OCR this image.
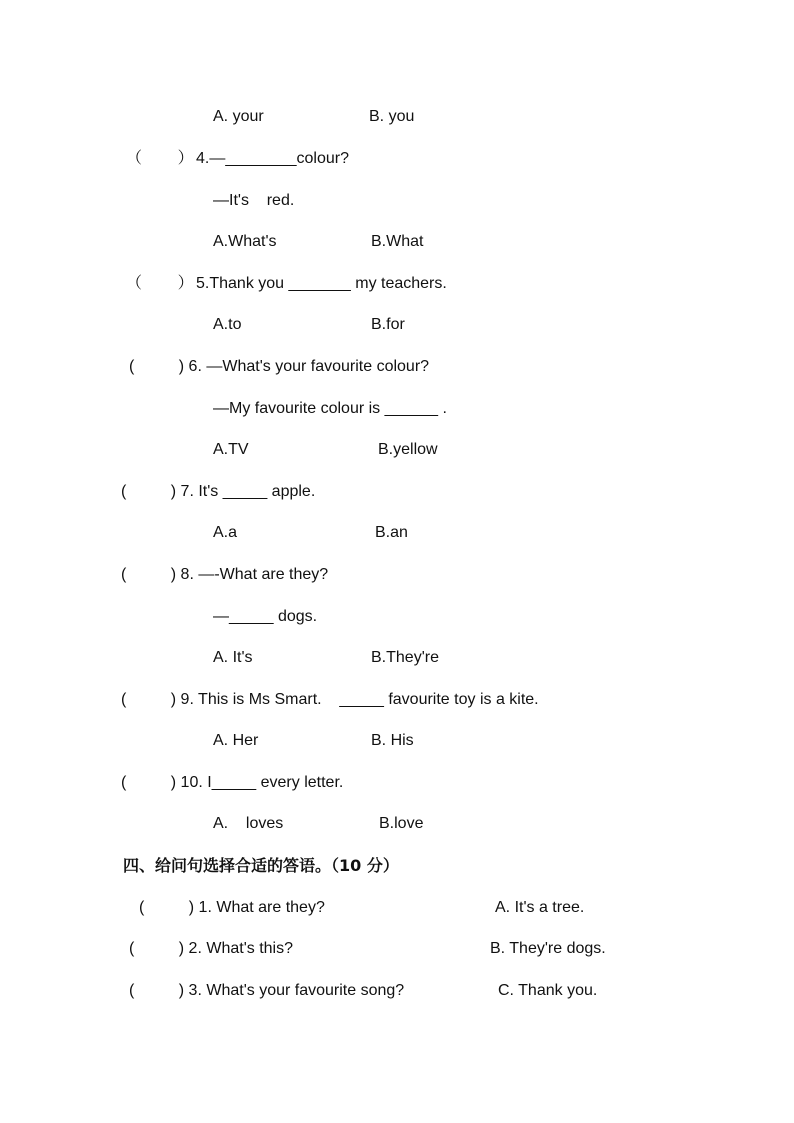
A. your	B. you
（        ） 4.—________colour?
—It's    red.
A.What's	B.What
（        ） 5.Thank you _______ my teachers.
A.to	B.for
(          ) 6. —What's your favourite colour?
—My favourite colour is ______ .
A.TV	B.yellow
(          ) 7. It's _____ apple.
A.a	B.an
(          ) 8. —-What are they?
—_____ dogs.
A. It's	B.They're
(          ) 9. This is Ms Smart.    _____ favourite toy is a kite.
A. Her	B. His
(          ) 10. I_____ every letter.
A.    loves	B.love
四、给问句选择合适的答语。（10 分）
(          ) 1. What are they?	A. It's a tree.
(          ) 2. What's this?	B. They're dogs.
(          ) 3. What's your favourite song?	C. Thank you.
